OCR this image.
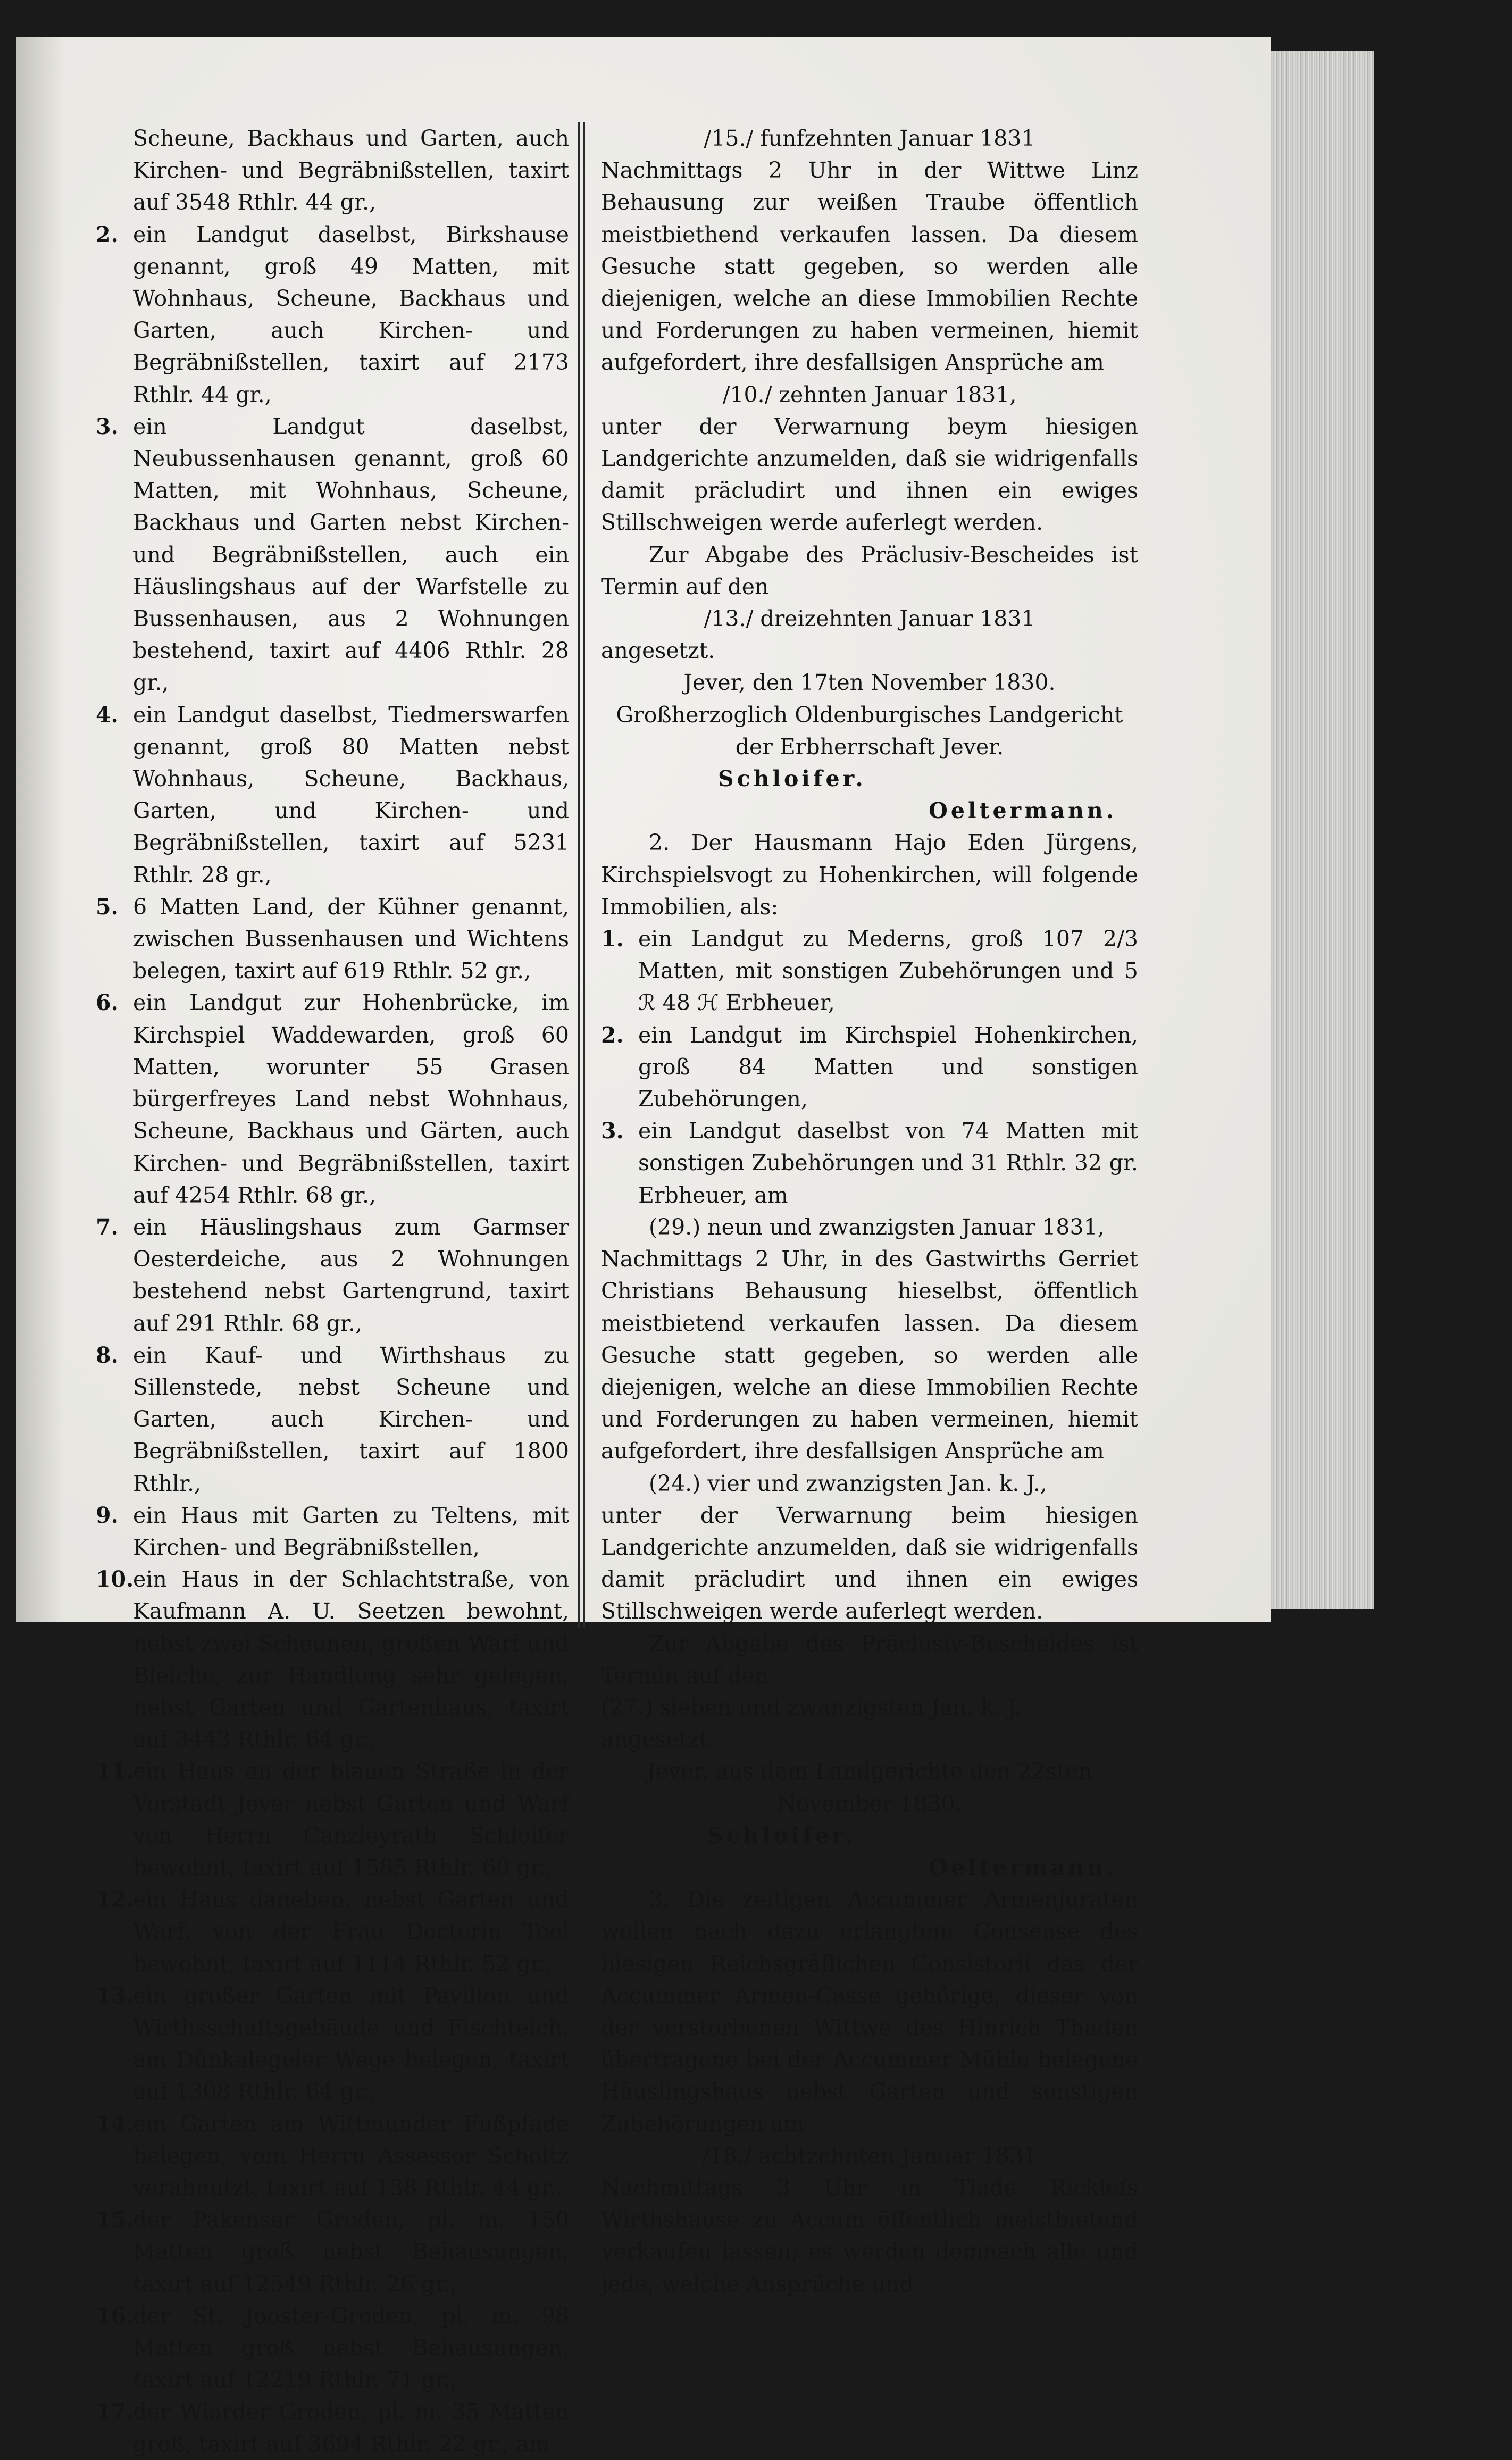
Scheune, Backhaus und Garten, auch Kirchen- und Begräbnißstellen, taxirt auf 3548 Rthlr. 44 gr.,
2. ein Landgut daselbst, Birkshause genannt, groß 49 Matten, mit Wohnhaus, Scheune, Backhaus und Garten, auch Kirchen- und Begräbnißstellen, taxirt auf 2173 Rthlr. 44 gr.,
3. ein Landgut daselbst, Neubussenhausen genannt, groß 60 Matten, mit Wohnhaus, Scheune, Backhaus und Garten nebst Kirchen- und Begräbnißstellen, auch ein Häuslingshaus auf der Warfstelle zu Bussenhausen, aus 2 Wohnungen bestehend, taxirt auf 4406 Rthlr. 28 gr.,
4. ein Landgut daselbst, Tiedmerswarfen genannt, groß 80 Matten nebst Wohnhaus, Scheune, Backhaus, Garten, und Kirchen- und Begräbnißstellen, taxirt auf 5231 Rthlr. 28 gr.,
5. 6 Matten Land, der Kühner genannt, zwischen Bussenhausen und Wichtens belegen, taxirt auf 619 Rthlr. 52 gr.,
6. ein Landgut zur Hohenbrücke, im Kirchspiel Waddewarden, groß 60 Matten, worunter 55 Grasen bürgerfreyes Land nebst Wohnhaus, Scheune, Backhaus und Gärten, auch Kirchen- und Begräbnißstellen, taxirt auf 4254 Rthlr. 68 gr.,
7. ein Häuslingshaus zum Garmser Oesterdeiche, aus 2 Wohnungen bestehend nebst Gartengrund, taxirt auf 291 Rthlr. 68 gr.,
8. ein Kauf- und Wirthshaus zu Sillenstede, nebst Scheune und Garten, auch Kirchen- und Begräbnißstellen, taxirt auf 1800 Rthlr.,
9. ein Haus mit Garten zu Teltens, mit Kirchen- und Begräbnißstellen,
10.
ein Haus in der Schlachtstraße, von Kaufmann A. U. Seetzen bewohnt, nebst zwei Scheunen, großen Warf und Bleiche, zur Handlung sehr gelegen, nebst Garten und Gartenhaus, taxirt auf 3443 Rthlr. 64 gr.,
11.
ein Haus an der blauen Straße in der Vorstadt Jever nebst Garten und Warf von Herrn Canzleyrath Schloifer bewohnt, taxirt auf 1585 Rthlr. 60 gr.,
12.
ein Haus daneben, nebst Garten und Warf, von der Frau Doctorin Toel bewohnt, taxirt auf 1114 Rthlr. 52 gr.,
13.
ein großer Garten mit Pavillon und Wirthsschaftsgebäude und Fischteich, am Dünkalegeler Wege belegen, taxirt auf 1308 Rthlr. 64 gr.,
14.
ein Garten am Wittmunder Fußpfade belegen, vom Herrn Assessor Scholtz verabnutzt, taxirt auf 138 Rthlr. 44 gr.,
15.
der Pakenser Groden, pl. m. 150 Matten groß nebst Behausungen, taxirt auf 12549 Rthlr. 26 gr.,
16.
der St. Jooster-Groden, pl. m. 98 Matten groß nebst Behausungen, taxirt auf 12219 Rthlr. 71 gr.,
17.
der Wiarder Groden, pl. m. 35 Matten groß, taxirt auf 3694 Rthlr. 22 gr., am
/15./ funfzehnten Januar 1831
Nachmittags 2 Uhr in der Wittwe Linz Behausung zur weißen Traube öffentlich meistbiethend verkaufen lassen. Da diesem Gesuche statt gegeben, so werden alle diejenigen, welche an diese Immobilien Rechte und Forderungen zu haben vermeinen, hiemit aufgefordert, ihre desfallsigen Ansprüche am
/10./ zehnten Januar 1831,
unter der Verwarnung beym hiesigen Landgerichte anzumelden, daß sie widrigenfalls damit präcludirt und ihnen ein ewiges Stillschweigen werde auferlegt werden.
Zur Abgabe des Präclusiv-Bescheides ist Termin auf den
/13./ dreizehnten Januar 1831
angesetzt.
Jever, den 17ten November 1830.
Großherzoglich Oldenburgisches Landgericht der Erbherrschaft Jever.
Schloifer.
Oeltermann.
2. Der Hausmann Hajo Eden Jürgens, Kirchspielsvogt zu Hohenkirchen, will folgende Immobilien, als:
1. ein Landgut zu Mederns, groß 107 2/3 Matten, mit sonstigen Zubehörungen und 5 ℛ 48 ℋ Erbheuer,
2. ein Landgut im Kirchspiel Hohenkirchen, groß 84 Matten und sonstigen Zubehörungen,
3. ein Landgut daselbst von 74 Matten mit sonstigen Zubehörungen und 31 Rthlr. 32 gr. Erbheuer, am
(29.) neun und zwanzigsten Januar 1831,
Nachmittags 2 Uhr, in des Gastwirths Gerriet Christians Behausung hieselbst, öffentlich meistbietend verkaufen lassen. Da diesem Gesuche statt gegeben, so werden alle diejenigen, welche an diese Immobilien Rechte und Forderungen zu haben vermeinen, hiemit aufgefordert, ihre desfallsigen Ansprüche am
(24.) vier und zwanzigsten Jan. k. J.,
unter der Verwarnung beim hiesigen Landgerichte anzumelden, daß sie widrigenfalls damit präcludirt und ihnen ein ewiges Stillschweigen werde auferlegt werden.
Zur Abgabe des Präclusiv-Bescheides ist Termin auf den
(27.) sieben und zwanzigsten Jan. k. J.
angesetzt.
Jever, aus dem Landgerichte den 22sten November 1830.
Schloifer.
Oeltermann.
3. Die zeitigen Accummer Armenjuraten wollen nach dazu erlangtem Consense des hiesigen Reichsgräflichen Consistorii das der Accummer Armen-Casse gehörige, dieser von der verstorbenen Wittwe des Hinrich Thaden übertragene bei der Accummer Mühle belegene Häuslingshaus nebst Garten und sonstigen Zubehörungen am
/18./ achtzehnten Januar 1831
Nachmittags 3 Uhr in Tiade Ricklefs Wirthshause zu Accum öffentlich meistbietend verkaufen lassen; es werden demnach alle und jede, welche Ansprüche und
